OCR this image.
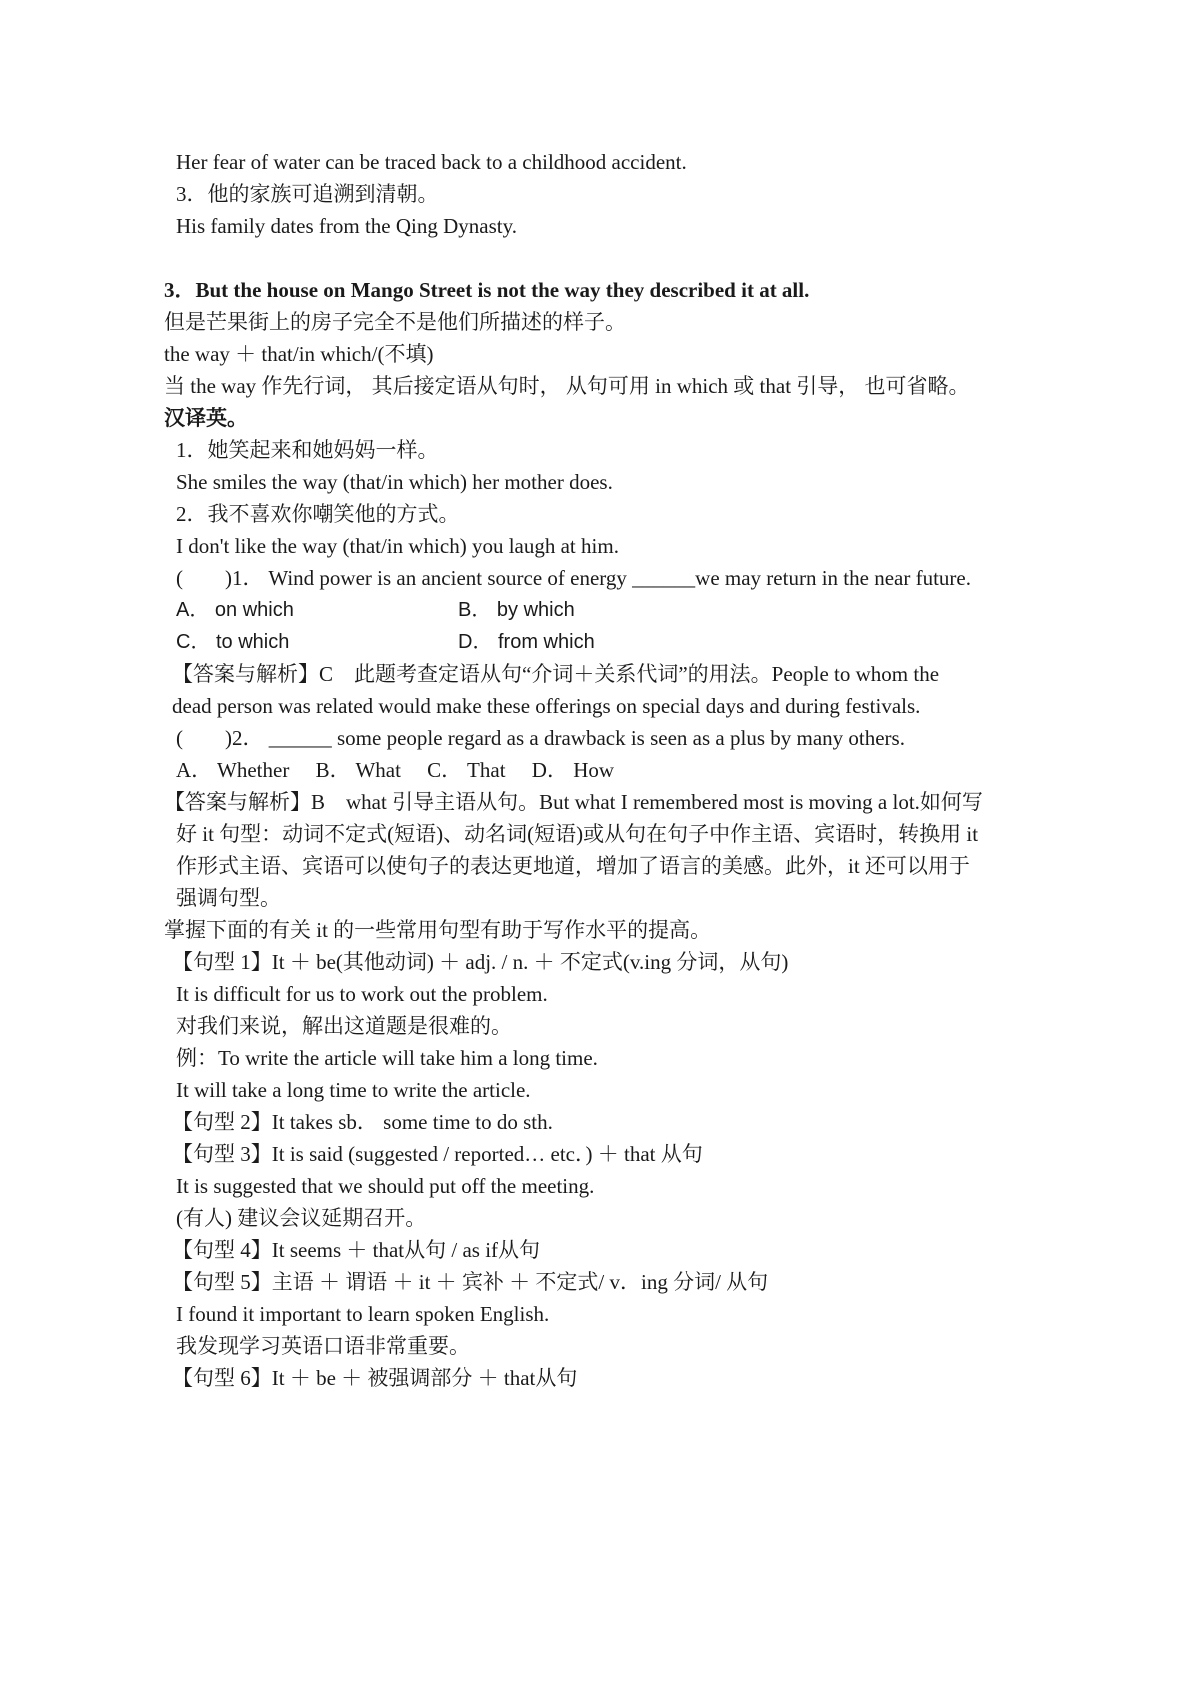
Her fear of water can be traced back to a childhood accident.
3．他的家族可追溯到清朝。
His family dates from the Qing Dynasty.
3．But the house on Mango Street is not the way they described it at all.
但是芒果街上的房子完全不是他们所描述的样子。
the way ＋ that/in which/(不填)
当 the way 作先行词， 其后接定语从句时， 从句可用 in which 或 that 引导， 也可省略。
汉译英。
1．她笑起来和她妈妈一样。
She smiles the way (that/in which) her mother does.
2．我不喜欢你嘲笑他的方式。
I don't like the way (that/in which) you laugh at him.
(　　)1． Wind power is an ancient source of energy ______we may return in the near future.
A． on which	B． by which
C． to which	D． from which
【答案与解析】C　此题考查定语从句“介词＋关系代词”的用法。People to whom the
dead person was related would make these offerings on special days and during festivals.
(　　)2． ______ some people regard as a drawback is seen as a plus by many others.
A． Whether　 B． What　 C． That　 D． How
【答案与解析】B　what 引导主语从句。But what I remembered most is moving a lot.如何写
好 it 句型：动词不定式(短语)、动名词(短语)或从句在句子中作主语、宾语时，转换用 it
作形式主语、宾语可以使句子的表达更地道，增加了语言的美感。此外，it 还可以用于
强调句型。
掌握下面的有关 it 的一些常用句型有助于写作水平的提高。
【句型 1】It ＋ be(其他动词) ＋ adj. / n. ＋ 不定式(v.ing 分词，从句)
It is difficult for us to work out the problem.
对我们来说，解出这道题是很难的。
例：To write the article will take him a long time.
It will take a long time to write the article.
【句型 2】It takes sb． some time to do sth.
【句型 3】It is said (suggested / reported… etc．) ＋ that 从句
It is suggested that we should put off the meeting.
(有人) 建议会议延期召开。
【句型 4】It seems ＋ that从句 / as if从句
【句型 5】主语 ＋ 谓语 ＋ it ＋ 宾补 ＋ 不定式/ v．ing 分词/ 从句
I found it important to learn spoken English.
我发现学习英语口语非常重要。
【句型 6】It ＋ be ＋ 被强调部分 ＋ that从句
